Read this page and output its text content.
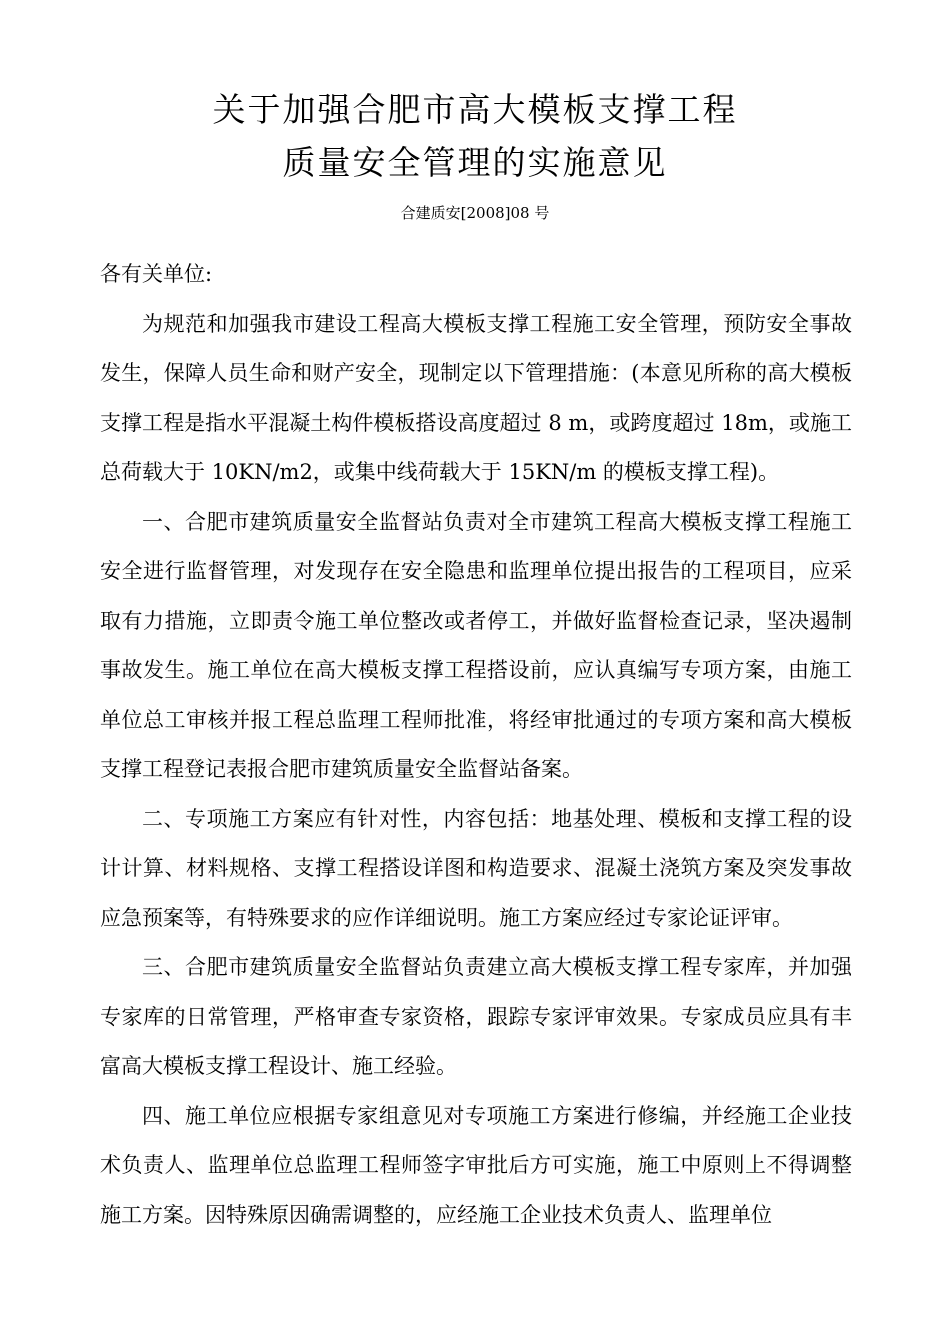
关于加强合肥市高大模板支撑工程
质量安全管理的实施意见
合建质安[2008]08 号

各有关单位:

为规范和加强我市建设工程高大模板支撑工程施工安全管理，预防安全事故发生，保障人员生命和财产安全，现制定以下管理措施：(本意见所称的高大模板支撑工程是指水平混凝土构件模板搭设高度超过 8 m，或跨度超过 18m，或施工总荷载大于 10KN/m2，或集中线荷载大于 15KN/m 的模板支撑工程)。

一、合肥市建筑质量安全监督站负责对全市建筑工程高大模板支撑工程施工安全进行监督管理，对发现存在安全隐患和监理单位提出报告的工程项目，应采取有力措施，立即责令施工单位整改或者停工，并做好监督检查记录，坚决遏制事故发生。施工单位在高大模板支撑工程搭设前，应认真编写专项方案，由施工单位总工审核并报工程总监理工程师批准，将经审批通过的专项方案和高大模板支撑工程登记表报合肥市建筑质量安全监督站备案。

二、专项施工方案应有针对性，内容包括：地基处理、模板和支撑工程的设计计算、材料规格、支撑工程搭设详图和构造要求、混凝土浇筑方案及突发事故应急预案等，有特殊要求的应作详细说明。施工方案应经过专家论证评审。

三、合肥市建筑质量安全监督站负责建立高大模板支撑工程专家库，并加强专家库的日常管理，严格审查专家资格，跟踪专家评审效果。专家成员应具有丰富高大模板支撑工程设计、施工经验。

四、施工单位应根据专家组意见对专项施工方案进行修编，并经施工企业技术负责人、监理单位总监理工程师签字审批后方可实施，施工中原则上不得调整施工方案。因特殊原因确需调整的，应经施工企业技术负责人、监理单位
